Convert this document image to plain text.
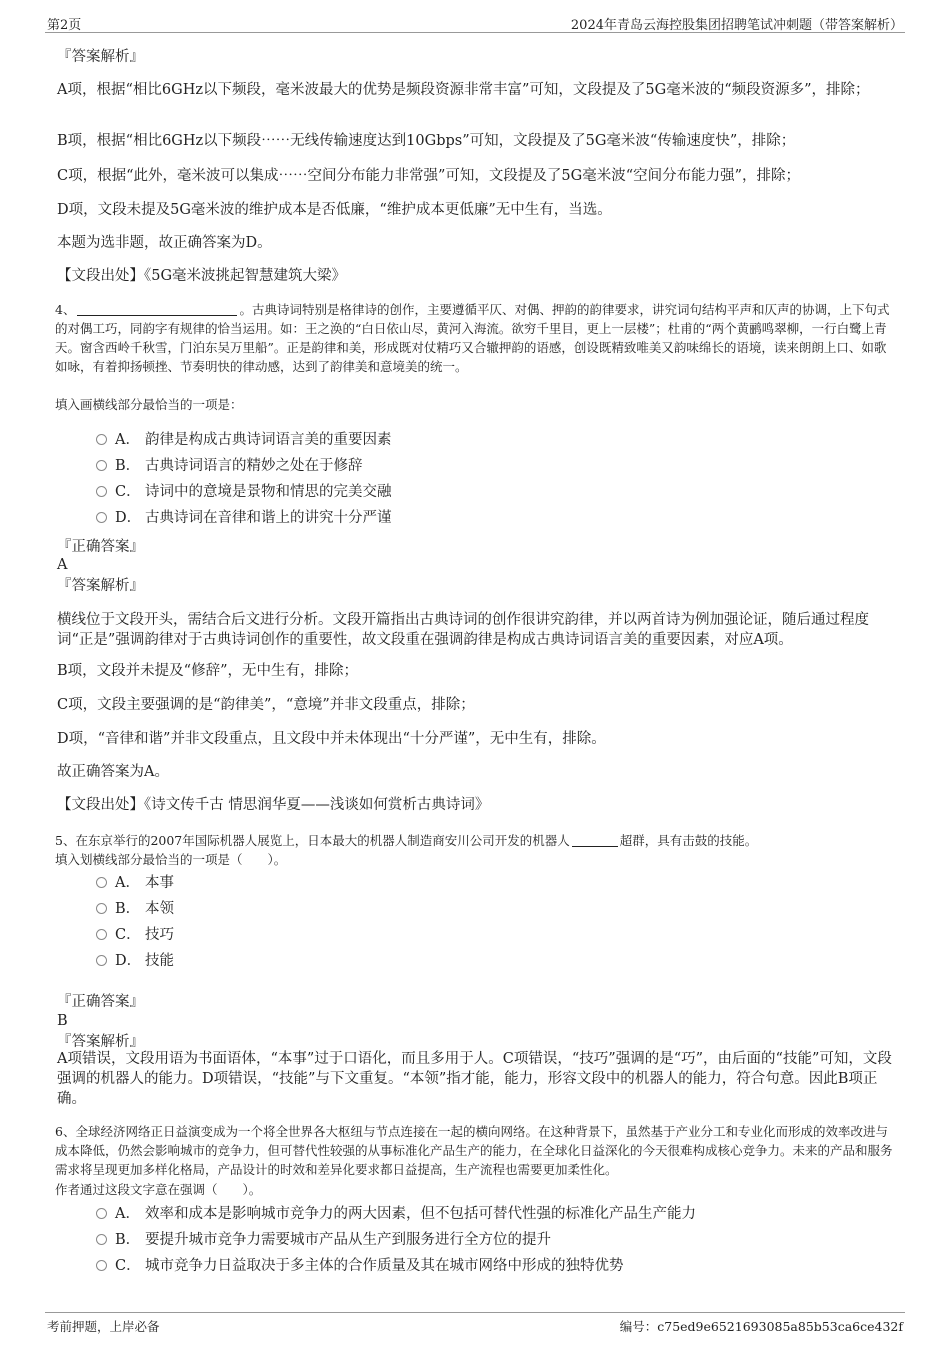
第2页	2024年青岛云海控股集团招聘笔试冲刺题（带答案解析）

『答案解析』

A项，根据“相比6GHz以下频段，毫米波最大的优势是频段资源非常丰富”可知，文段提及了5G毫米波的“频段资源多”，排除；

B项，根据“相比6GHz以下频段⋯⋯无线传输速度达到10Gbps”可知，文段提及了5G毫米波“传输速度快”，排除；

C项，根据“此外，毫米波可以集成⋯⋯空间分布能力非常强”可知，文段提及了5G毫米波“空间分布能力强”，排除；

D项，文段未提及5G毫米波的维护成本是否低廉，“维护成本更低廉”无中生有，当选。

本题为选非题，故正确答案为D。

【文段出处】《5G毫米波挑起智慧建筑大梁》

4、	。古典诗词特别是格律诗的创作，主要遵循平仄、对偶、押韵的韵律要求，讲究词句结构平声和仄声的协调，上下句式的对偶工巧，同韵字有规律的恰当运用。如：王之涣的“白日依山尽，黄河入海流。欲穷千里目，更上一层楼”；杜甫的“两个黄鹂鸣翠柳，一行白鹭上青天。窗含西岭千秋雪，门泊东吴万里船”。正是韵律和美，形成既对仗精巧又合辙押韵的语感，创设既精致唯美又韵味绵长的语境，读来朗朗上口、如歌如咏，有着抑扬顿挫、节奏明快的律动感，达到了韵律美和意境美的统一。

填入画横线部分最恰当的一项是：

A． 韵律是构成古典诗词语言美的重要因素
B． 古典诗词语言的精妙之处在于修辞
C． 诗词中的意境是景物和情思的完美交融
D． 古典诗词在音律和谐上的讲究十分严谨

『正确答案』

A

『答案解析』

横线位于文段开头，需结合后文进行分析。文段开篇指出古典诗词的创作很讲究韵律，并以两首诗为例加强论证，随后通过程度词“正是”强调韵律对于古典诗词创作的重要性，故文段重在强调韵律是构成古典诗词语言美的重要因素，对应A项。

B项，文段并未提及“修辞”，无中生有，排除；

C项，文段主要强调的是“韵律美”，“意境”并非文段重点，排除；

D项，“音律和谐”并非文段重点，且文段中并未体现出“十分严谨”，无中生有，排除。

故正确答案为A。

【文段出处】《诗文传千古 情思润华夏——浅谈如何赏析古典诗词》

5、在东京举行的2007年国际机器人展览上，日本最大的机器人制造商安川公司开发的机器人	超群，具有击鼓的技能。

填入划横线部分最恰当的一项是（　　）。

A． 本事
B． 本领
C． 技巧
D． 技能

『正确答案』

B

『答案解析』

A项错误，文段用语为书面语体，“本事”过于口语化，而且多用于人。C项错误，“技巧”强调的是“巧”，由后面的“技能”可知，文段强调的机器人的能力。D项错误，“技能”与下文重复。“本领”指才能，能力，形容文段中的机器人的能力，符合句意。因此B项正确。

6、全球经济网络正日益演变成为一个将全世界各大枢纽与节点连接在一起的横向网络。在这种背景下，虽然基于产业分工和专业化而形成的效率改进与成本降低，仍然会影响城市的竞争力，但可替代性较强的从事标准化产品生产的能力，在全球化日益深化的今天很难构成核心竞争力。未来的产品和服务需求将呈现更加多样化格局，产品设计的时效和差异化要求都日益提高，生产流程也需要更加柔性化。

作者通过这段文字意在强调（　　）。

A． 效率和成本是影响城市竞争力的两大因素，但不包括可替代性强的标准化产品生产能力
B． 要提升城市竞争力需要城市产品从生产到服务进行全方位的提升
C． 城市竞争力日益取决于多主体的合作质量及其在城市网络中形成的独特优势
考前押题，上岸必备	编号：c75ed9e6521693085a85b53ca6ce432f
